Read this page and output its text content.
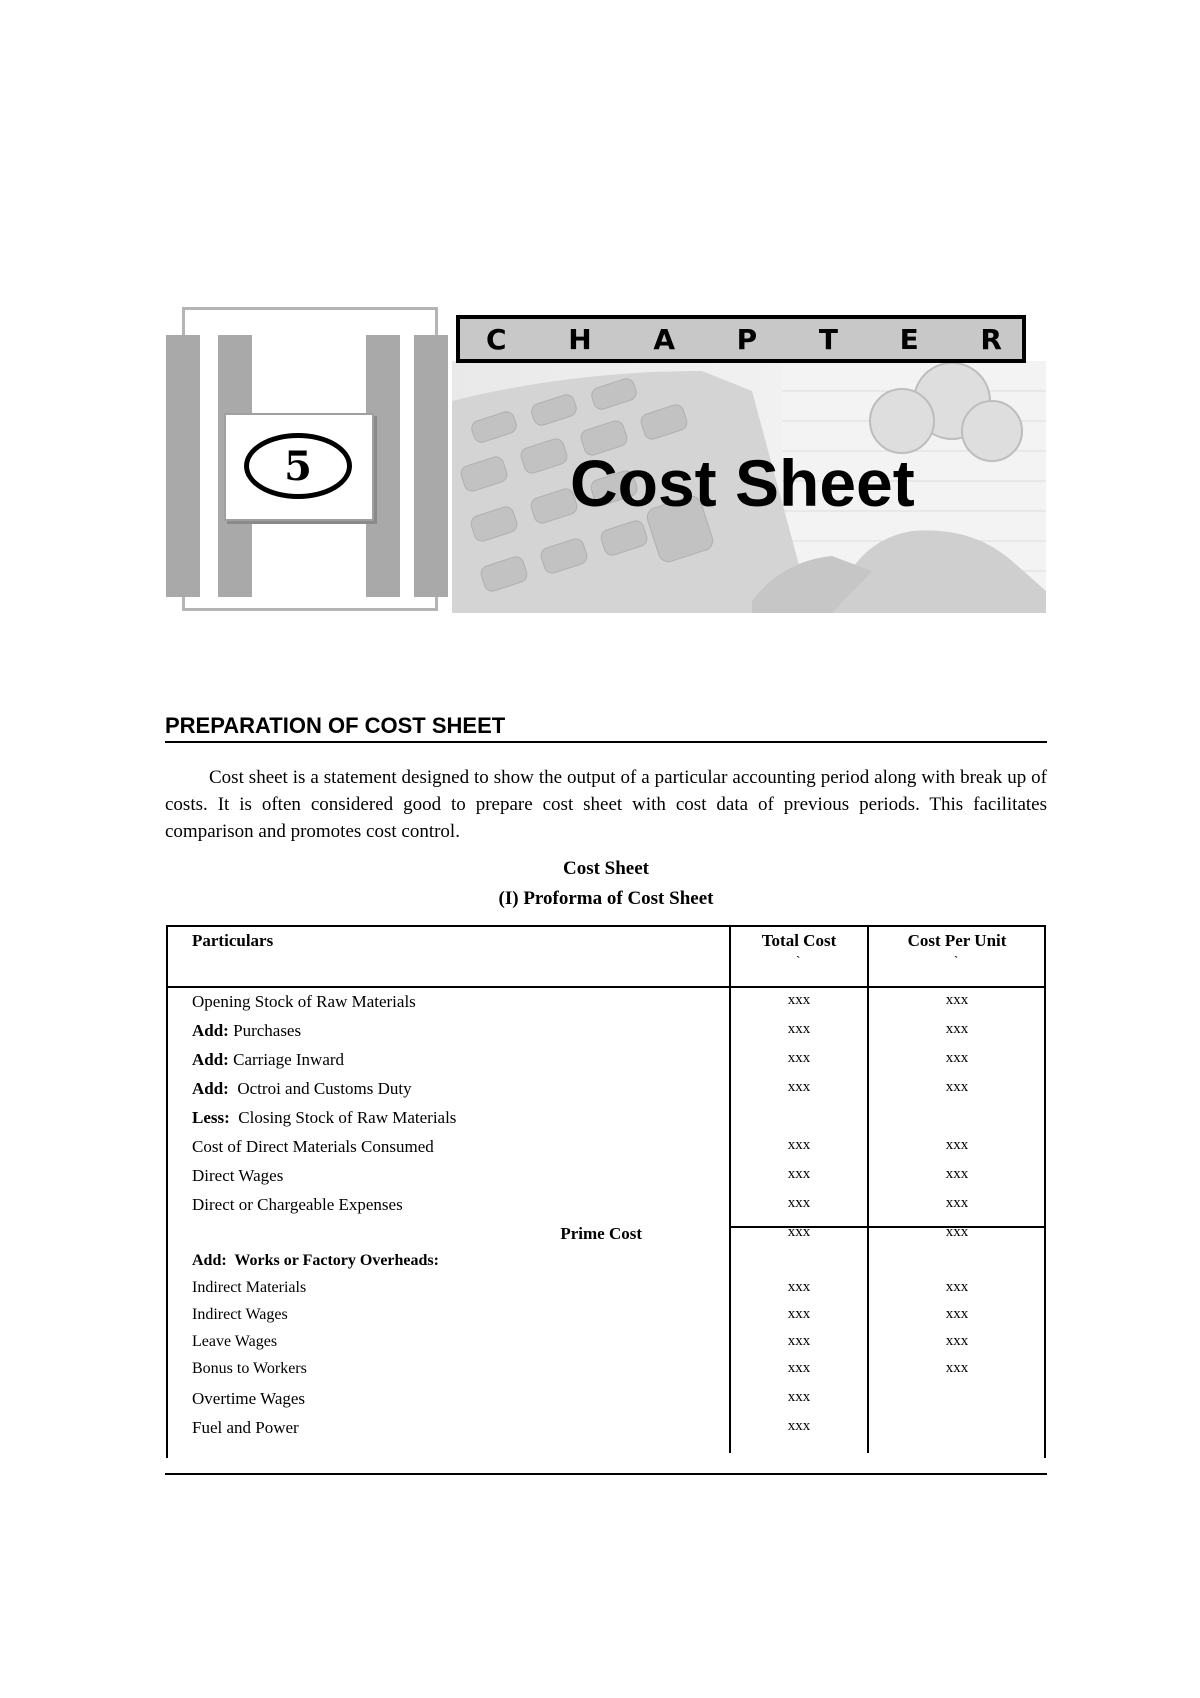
5
C H A P T E R
Cost Sheet
PREPARATION OF COST SHEET
Cost sheet is a statement designed to show the output of a particular accounting period along with break up of costs. It is often considered good to prepare cost sheet with cost data of previous periods. This facilitates comparison and promotes cost control.
Cost Sheet
(I) Proforma of Cost Sheet
Particulars	Total Cost	Cost Per Unit
`	`
Opening Stock of Raw Materials	xxx	xxx
Add: Purchases	xxx	xxx
Add: Carriage Inward	xxx	xxx
Add: Octroi and Customs Duty	xxx	xxx
Less: Closing Stock of Raw Materials
Cost of Direct Materials Consumed	xxx	xxx
Direct Wages	xxx	xxx
Direct or Chargeable Expenses	xxx	xxx
Prime Cost	xxx	xxx
Add: Works or Factory Overheads:
Indirect Materials	xxx	xxx
Indirect Wages	xxx	xxx
Leave Wages	xxx	xxx
Bonus to Workers	xxx	xxx
Overtime Wages	xxx
Fuel and Power	xxx
